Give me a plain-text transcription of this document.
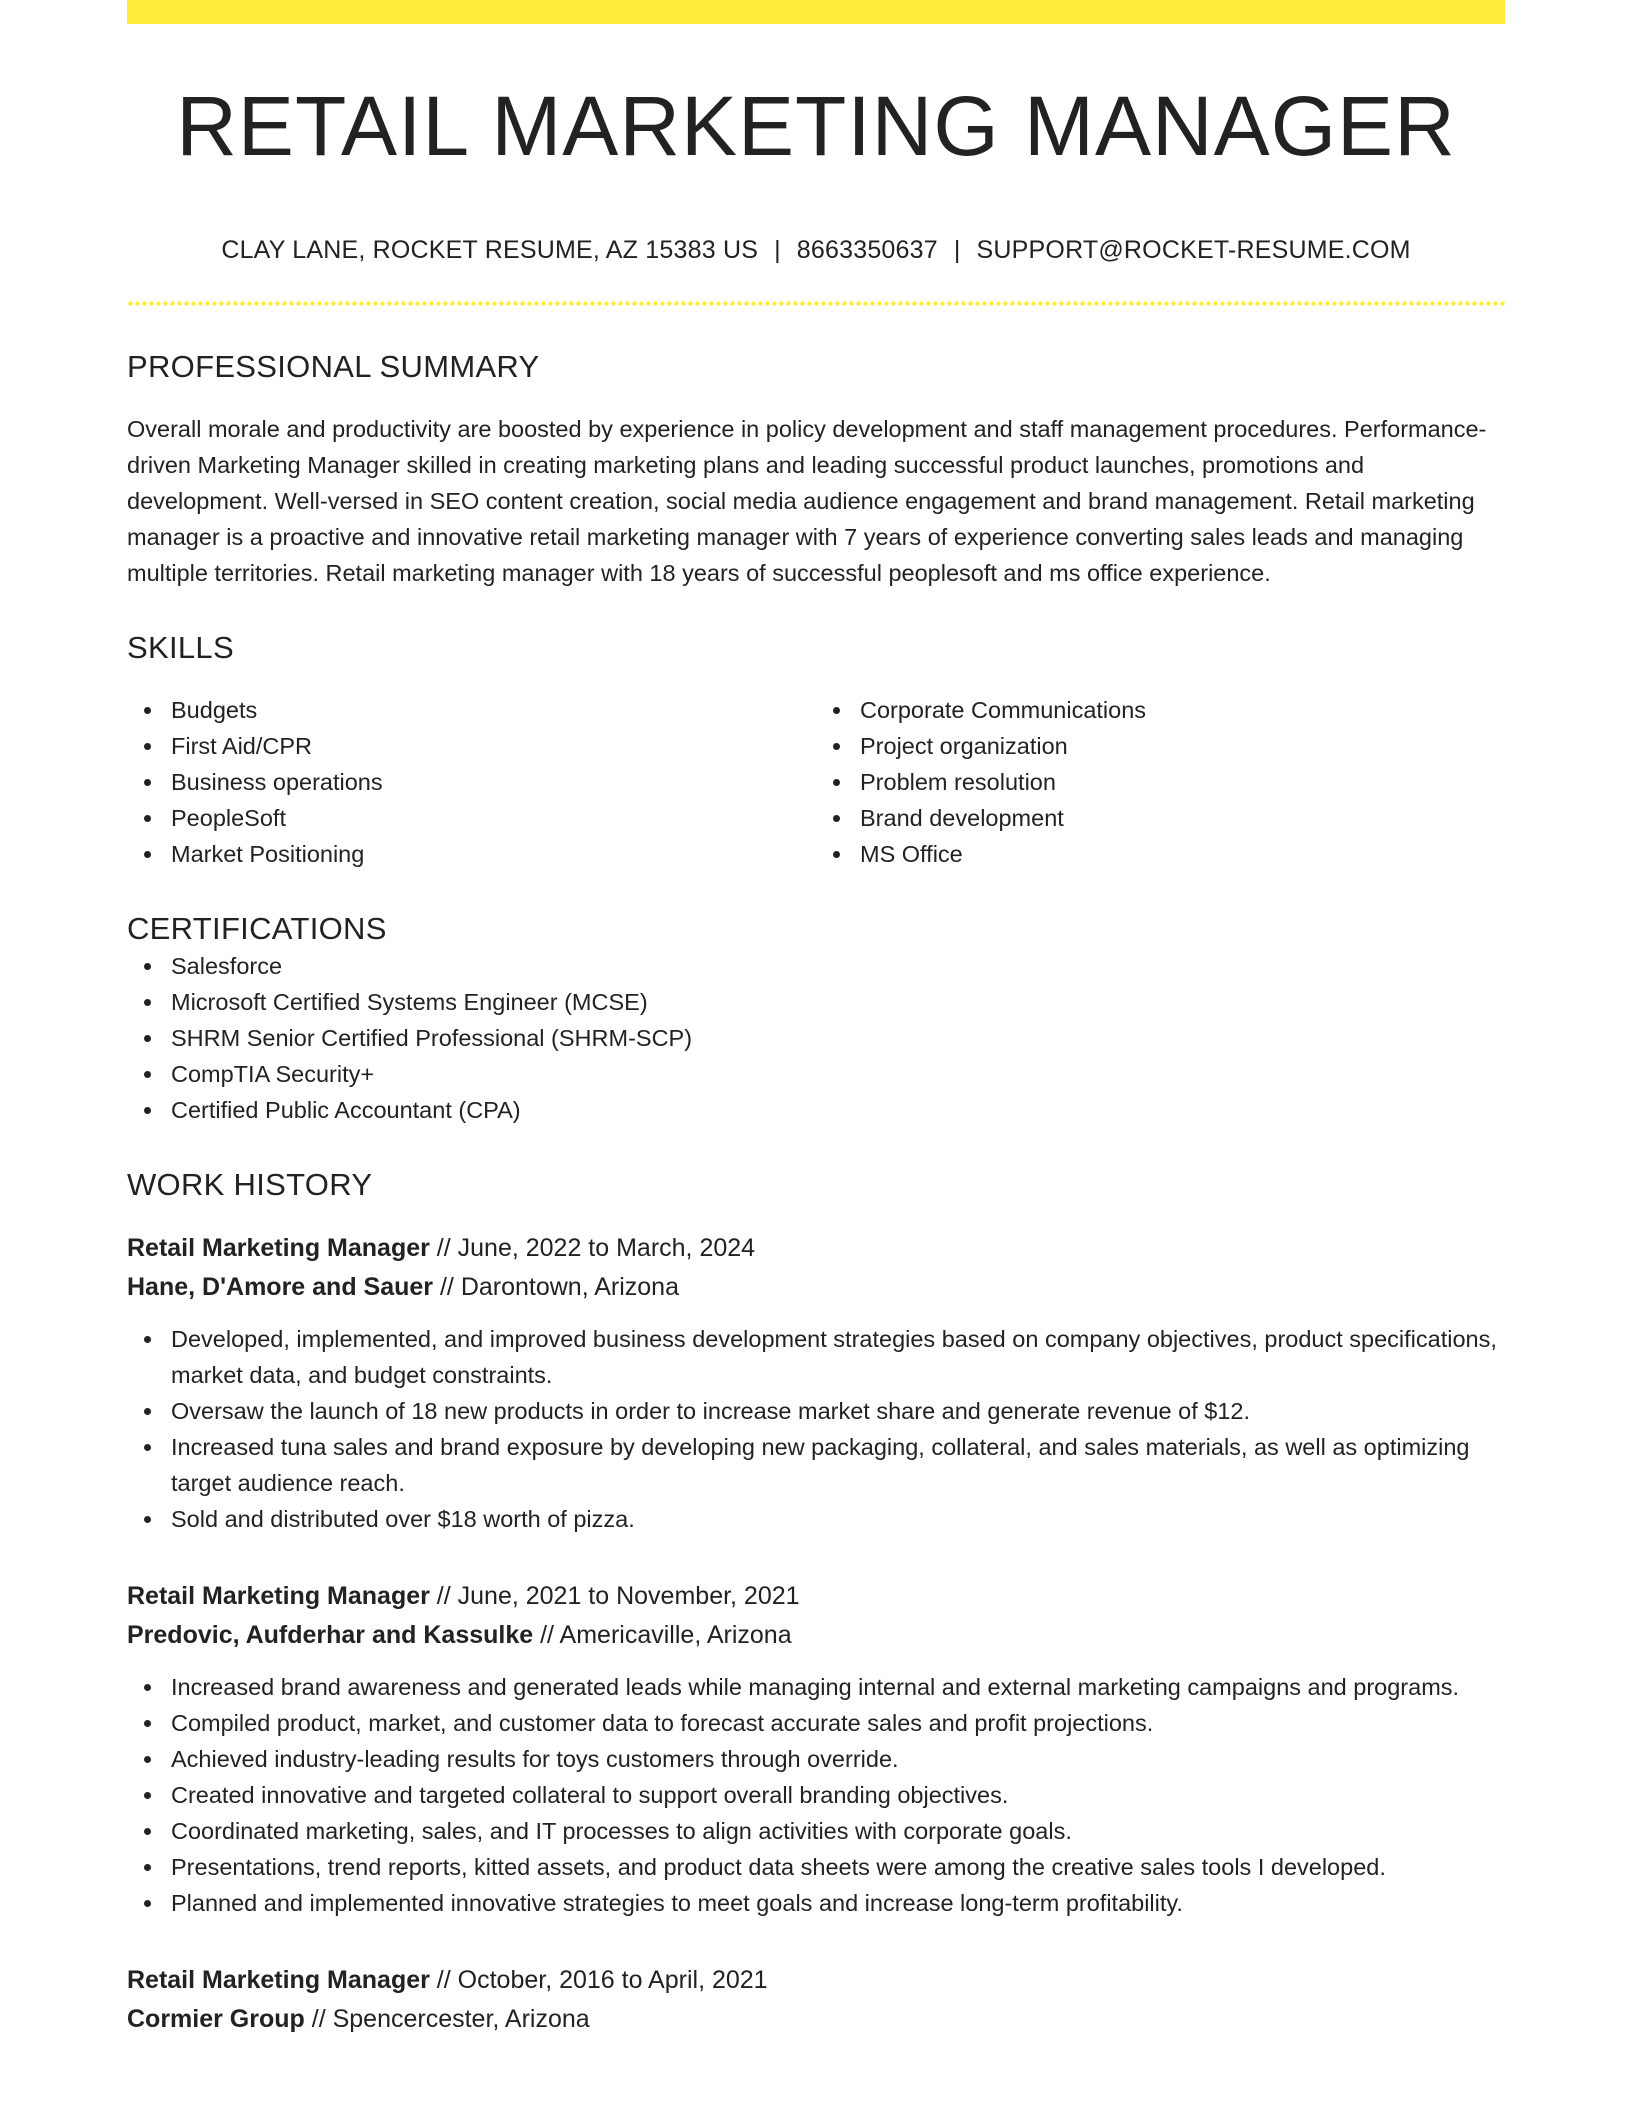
RETAIL MARKETING MANAGER
CLAY LANE, ROCKET RESUME, AZ 15383 US | 8663350637 | SUPPORT@ROCKET-RESUME.COM
PROFESSIONAL SUMMARY

Overall morale and productivity are boosted by experience in policy development and staff management procedures. Performance-driven Marketing Manager skilled in creating marketing plans and leading successful product launches, promotions and development. Well-versed in SEO content creation, social media audience engagement and brand management. Retail marketing manager is a proactive and innovative retail marketing manager with 7 years of experience converting sales leads and managing multiple territories. Retail marketing manager with 18 years of successful peoplesoft and ms office experience.

SKILLS
Budgets
First Aid/CPR
Business operations
PeopleSoft
Market Positioning
Corporate Communications
Project organization
Problem resolution
Brand development
MS Office
CERTIFICATIONS
Salesforce
Microsoft Certified Systems Engineer (MCSE)
SHRM Senior Certified Professional (SHRM-SCP)
CompTIA Security+
Certified Public Accountant (CPA)
WORK HISTORY
Retail Marketing Manager // June, 2022 to March, 2024
Hane, D'Amore and Sauer // Darontown, Arizona
Developed, implemented, and improved business development strategies based on company objectives, product specifications, market data, and budget constraints.
Oversaw the launch of 18 new products in order to increase market share and generate revenue of $12.
Increased tuna sales and brand exposure by developing new packaging, collateral, and sales materials, as well as optimizing target audience reach.
Sold and distributed over $18 worth of pizza.
Retail Marketing Manager // June, 2021 to November, 2021
Predovic, Aufderhar and Kassulke // Americaville, Arizona
Increased brand awareness and generated leads while managing internal and external marketing campaigns and programs.
Compiled product, market, and customer data to forecast accurate sales and profit projections.
Achieved industry-leading results for toys customers through override.
Created innovative and targeted collateral to support overall branding objectives.
Coordinated marketing, sales, and IT processes to align activities with corporate goals.
Presentations, trend reports, kitted assets, and product data sheets were among the creative sales tools I developed.
Planned and implemented innovative strategies to meet goals and increase long-term profitability.
Retail Marketing Manager // October, 2016 to April, 2021
Cormier Group // Spencercester, Arizona
